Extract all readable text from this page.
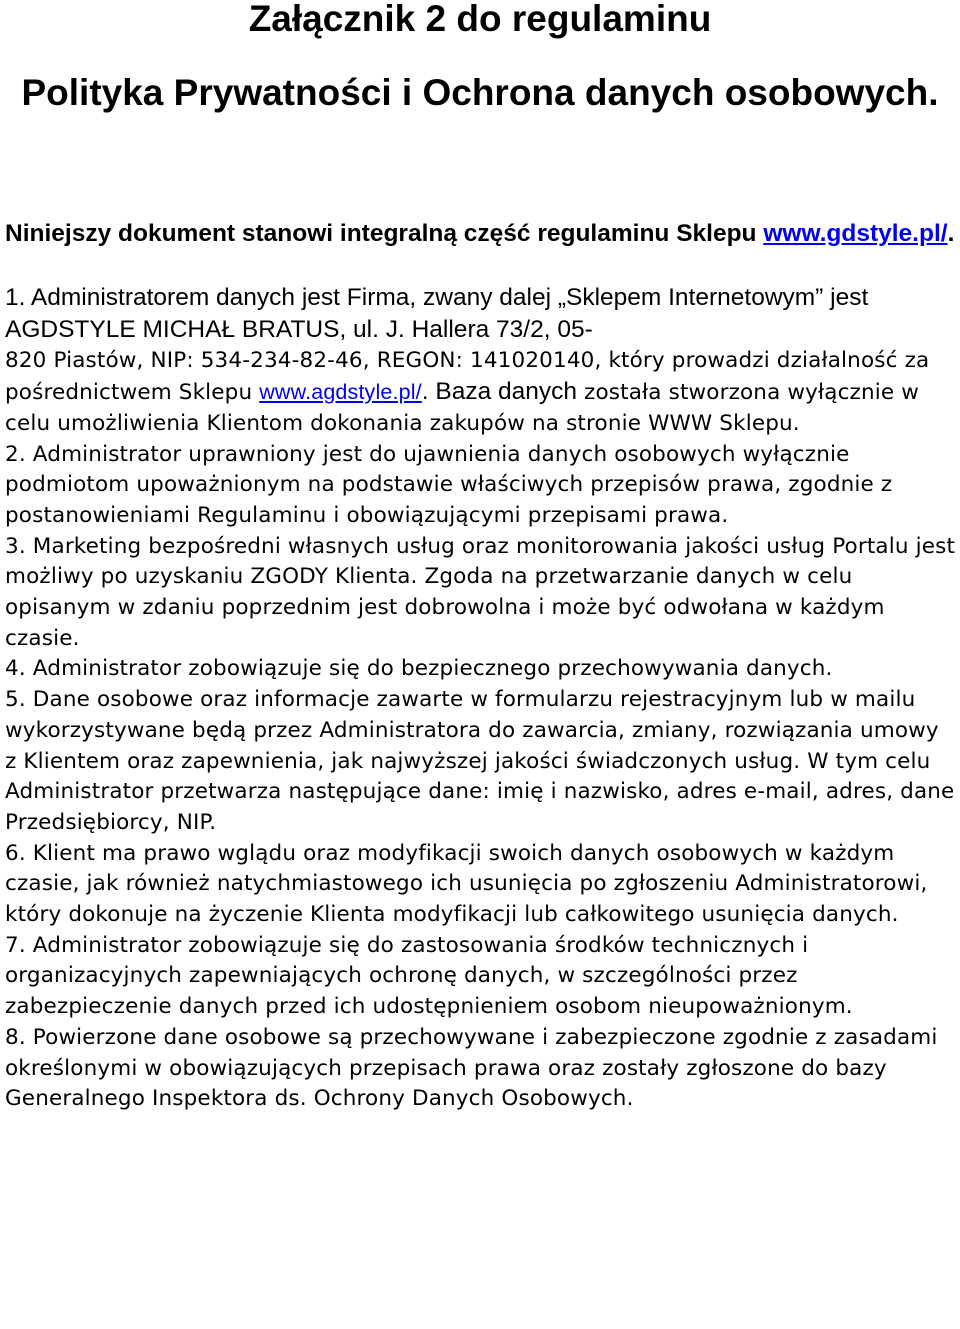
Załącznik 2 do regulaminu
Polityka Prywatności i Ochrona danych osobowych.

Niniejszy dokument stanowi integralną część regulaminu Sklepu www.gdstyle.pl/.

1. Administratorem danych jest Firma, zwany dalej „Sklepem Internetowym” jest AGDSTYLE MICHAŁ BRATUS, ul. J. Hallera 73/2, 05-
820 Piastów, NIP: 534-234-82-46, REGON: 141020140, który prowadzi działalność za pośrednictwem Sklepu www.agdstyle.pl/. Baza danych została stworzona wyłącznie w celu umożliwienia Klientom dokonania zakupów na stronie WWW Sklepu.

2. Administrator uprawniony jest do ujawnienia danych osobowych wyłącznie podmiotom upoważnionym na podstawie właściwych przepisów prawa, zgodnie z postanowieniami Regulaminu i obowiązującymi przepisami prawa.

3. Marketing bezpośredni własnych usług oraz monitorowania jakości usług Portalu jest możliwy po uzyskaniu ZGODY Klienta. Zgoda na przetwarzanie danych w celu opisanym w zdaniu poprzednim jest dobrowolna i może być odwołana w każdym czasie.

4. Administrator zobowiązuje się do bezpiecznego przechowywania danych.

5. Dane osobowe oraz informacje zawarte w formularzu rejestracyjnym lub w mailu wykorzystywane będą przez Administratora do zawarcia, zmiany, rozwiązania umowy z Klientem oraz zapewnienia, jak najwyższej jakości świadczonych usług. W tym celu Administrator przetwarza następujące dane: imię i nazwisko, adres e-mail, adres, dane Przedsiębiorcy, NIP.

6. Klient ma prawo wglądu oraz modyfikacji swoich danych osobowych w każdym czasie, jak również natychmiastowego ich usunięcia po zgłoszeniu Administratorowi, który dokonuje na życzenie Klienta modyfikacji lub całkowitego usunięcia danych.

7. Administrator zobowiązuje się do zastosowania środków technicznych i organizacyjnych zapewniających ochronę danych, w szczególności przez zabezpieczenie danych przed ich udostępnieniem osobom nieupoważnionym.

8. Powierzone dane osobowe są przechowywane i zabezpieczone zgodnie z zasadami określonymi w obowiązujących przepisach prawa oraz zostały zgłoszone do bazy Generalnego Inspektora ds. Ochrony Danych Osobowych.
